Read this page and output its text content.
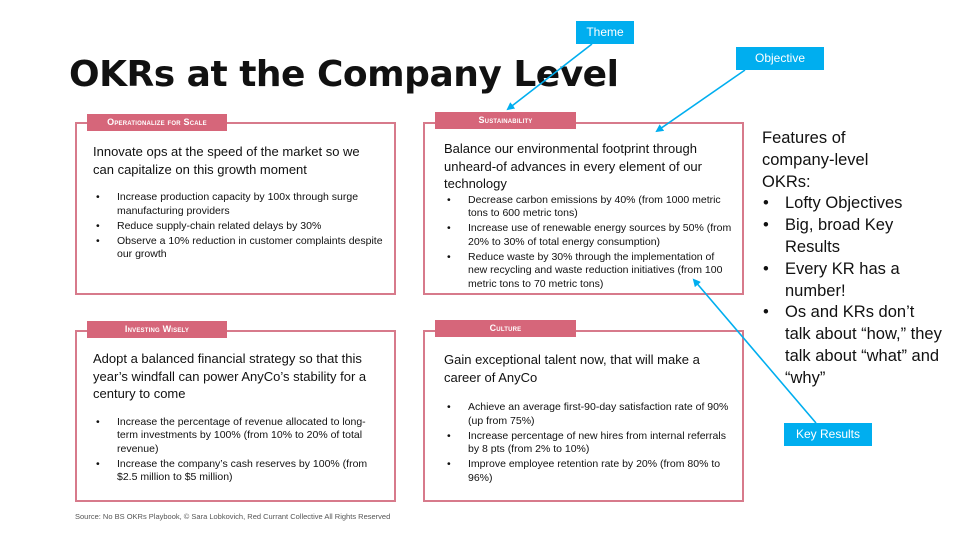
OKRs at the Company Level
Innovate ops at the speed of the market so we can capitalize on this growth moment
• Increase production capacity by 100x through surge manufacturing providers
• Reduce supply-chain related delays by 30%
• Observe a 10% reduction in customer complaints despite our growth
Operationalize for Scale
Balance our environmental footprint through unheard-of advances in every element of our technology
• Decrease carbon emissions by 40% (from 1000 metric tons to 600 metric tons)
• Increase use of renewable energy sources by 50% (from 20% to 30% of total energy consumption)
• Reduce waste by 30% through the implementation of new recycling and waste reduction initiatives (from 100 metric tons to 70 metric tons)
Sustainability
Adopt a balanced financial strategy so that this year’s windfall can power AnyCo’s stability for a century to come
• Increase the percentage of revenue allocated to long-term investments by 100% (from 10% to 20% of total revenue)
• Increase the company’s cash reserves by 100% (from $2.5 million to $5 million)
Investing Wisely
Gain exceptional talent now, that will make a career of AnyCo
• Achieve an average first-90-day satisfaction rate of 90% (up from 75%)
• Increase percentage of new hires from internal referrals by 8 pts (from 2% to 10%)
• Improve employee retention rate by 20% (from 80% to 96%)
Culture
Theme
Objective
Key Results
Features of company-level OKRs:
• Lofty Objectives
• Big, broad Key Results
• Every KR has a number!
• Os and KRs don’t talk about “how,” they talk about “what” and “why”
Source: No BS OKRs Playbook, © Sara Lobkovich, Red Currant Collective All Rights Reserved
